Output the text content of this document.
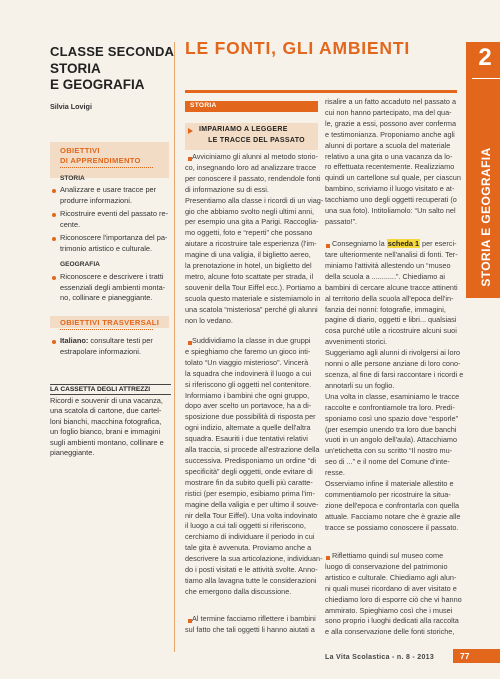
CLASSE SECONDA
STORIA
E GEOGRAFIA
Silvia Lovigi
OBIETTIVI
DI APPRENDIMENTO
STORIA
Analizzare e usare tracce per
produrre informazioni.
Ricostruire eventi del passato re-
cente.
Riconoscere l'importanza del pa-
trimonio artistico e culturale.
GEOGRAFIA
Riconoscere e descrivere i tratti
essenziali degli ambienti monta-
no, collinare e pianeggiante.
OBIETTIVI TRASVERSALI
Italiano: consultare testi per
estrapolare informazioni.
LA CASSETTA DEGLI ATTREZZI
Ricordi e souvenir di una vacanza,
una scatola di cartone, due cartel-
loni bianchi, macchina fotografica,
un foglio bianco, brani e immagini
sugli ambienti montano, collinare e
pianeggiante.
LE FONTI, GLI AMBIENTI
STORIA
IMPARIAMO A LEGGERE
LE TRACCE DEL PASSATO
Avviciniamo gli alunni al metodo storio-
co, insegnando loro ad analizzare tracce
per conoscere il passato, rendendole fonti
di informazione su di essi.
Presentiamo alla classe i ricordi di un viag-
gio che abbiamo svolto negli ultimi anni,
per esempio una gita a Parigi. Raccoglia-
mo oggetti, foto e “reperti” che possano
aiutare a ricostruire tale esperienza (l'im-
magine di una valigia, il biglietto aereo,
la prenotazione in hotel, un biglietto del
metro, alcune foto scattate per strada, il
souvenir della Tour Eiffel ecc.). Portiamo a
scuola questo materiale e sistemiamolo in
una scatola “misteriosa” perché gli alunni
non lo vedano.
Suddividiamo la classe in due gruppi
e spieghiamo che faremo un gioco inti-
tolato “Un viaggio misterioso”. Vincerà
la squadra che indovinerà il luogo a cui
si riferiscono gli oggetti nel contenitore.
Informiamo i bambini che ogni gruppo,
dopo aver scelto un portavoce, ha a di-
sposizione due possibilità di risposta per
ogni indizio, alternate a quelle dell'altra
squadra. Esauriti i due tentativi relativi
alla traccia, si procede all'estrazione della
successiva. Predisponiamo un ordine “di
specificità” degli oggetti, onde evitare di
mostrare fin da subito quelli più caratte-
ristici (per esempio, esibiamo prima l'im-
magine della valigia e per ultimo il souve-
nir della Tour Eiffel). Una volta indovinato
il luogo a cui tali oggetti si riferiscono,
cerchiamo di individuare il periodo in cui
tale gita è avvenuta. Proviamo anche a
descrivere la sua articolazione, individuan-
do i posti visitati e le attività svolte. Anno-
tiamo alla lavagna tutte le considerazioni
che emergono dalla discussione.
Al termine facciamo riflettere i bambini
sul fatto che tali oggetti li hanno aiutati a
risalire a un fatto accaduto nel passato a
cui non hanno partecipato, ma del qua-
le, grazie a essi, possono aver conferma
e testimonianza. Proponiamo anche agli
alunni di portare a scuola del materiale
relativo a una gita o una vacanza da lo-
ro effettuata recentemente. Realizziamo
quindi un cartellone sul quale, per ciascun
bambino, scriviamo il luogo visitato e at-
tacchiamo uno degli oggetti recuperati (o
una sua foto). Intitoliamolo: “Un salto nel
passato!”.
Consegniamo la scheda 1 per eserci-
tare ulteriormente nell'analisi di fonti. Ter-
miniamo l'attività allestendo un “museo
della scuola a ............”. Chiediamo ai
bambini di cercare alcune tracce attinenti
al territorio della scuola all'epoca dell'in-
fanzia dei nonni: fotografie, immagini,
pagine di diario, oggetti e libri... qualsiasi
cosa purché utile a ricostruire alcuni suoi
avvenimenti storici.
Suggeriamo agli alunni di rivolgersi ai loro
nonni o alle persone anziane di loro cono-
scenza, al fine di farsi raccontare i ricordi e
annotarli su un foglio.
Una volta in classe, esaminiamo le tracce
raccolte e confrontiamole tra loro. Predi-
sponiamo così uno spazio dove “esporle”
(per esempio unendo tra loro due banchi
vuoti in un angolo dell'aula). Attacchiamo
un'etichetta con su scritto “Il nostro mu-
seo di ...” e il nome del Comune d'inte-
resse.
Osserviamo infine il materiale allestito e
commentiamolo per ricostruire la situa-
zione dell'epoca e confrontarla con quella
attuale. Facciamo notare che è grazie alle
tracce se possiamo conoscere il passato.
Riflettiamo quindi sul museo come
luogo di conservazione del patrimonio
artistico e culturale. Chiediamo agli alun-
ni quali musei ricordano di aver visitato e
chiediamo loro di esporre ciò che vi hanno
ammirato. Spieghiamo così che i musei
sono proprio i luoghi dedicati alla raccolta
e alla conservazione delle fonti storiche,
2
STORIA E GEOGRAFIA
La Vita Scolastica - n. 8 - 2013	77
